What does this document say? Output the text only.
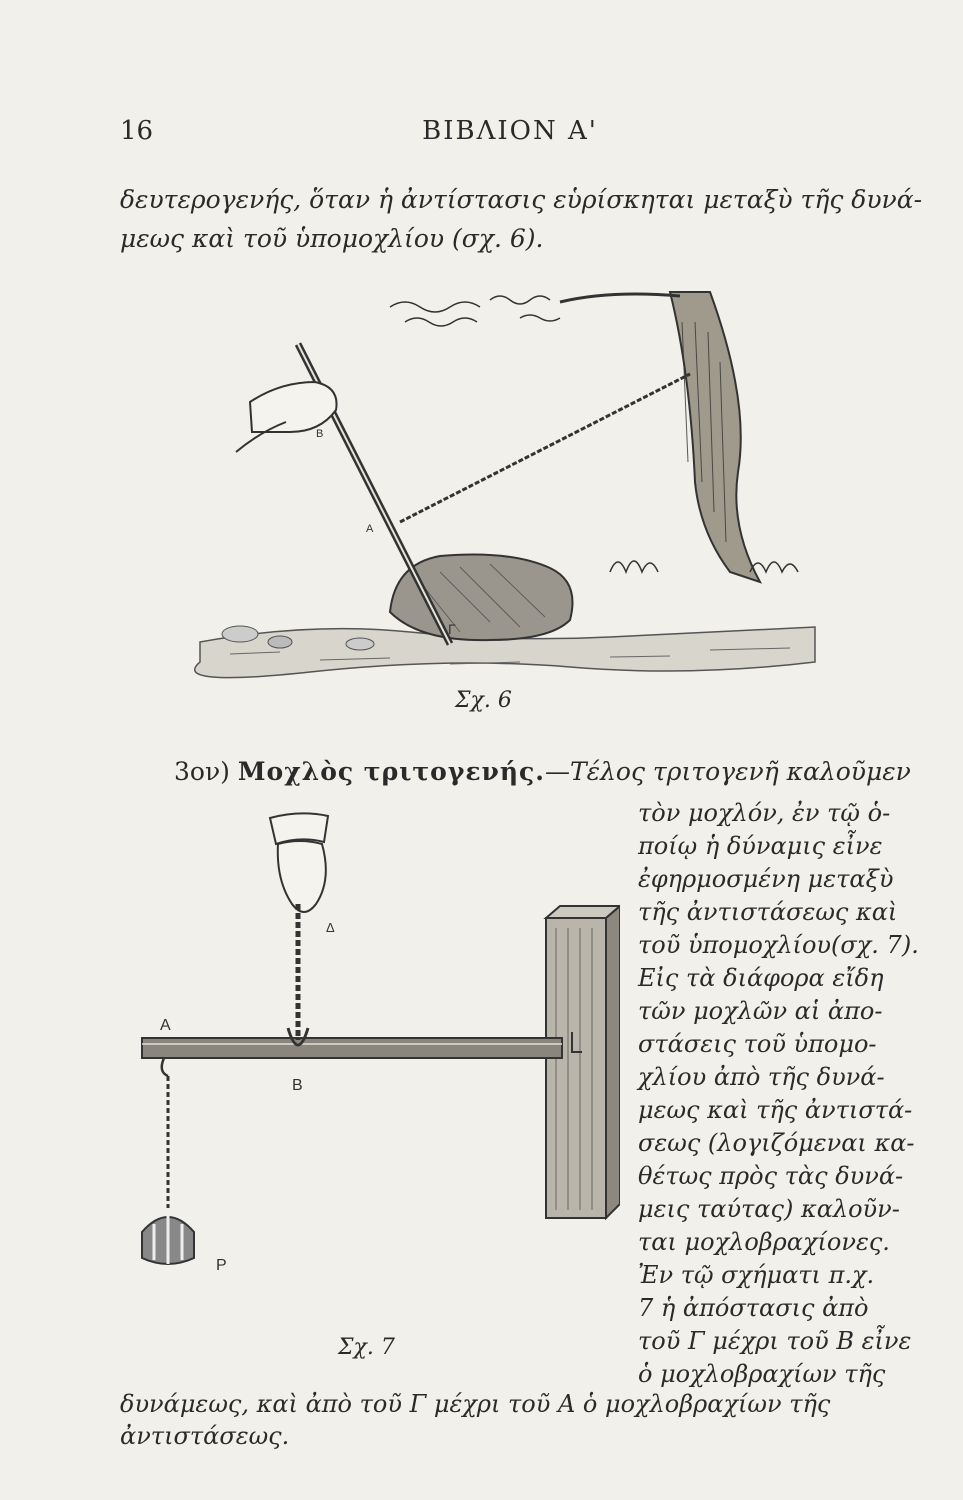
16	ΒΙΒΛΙΟΝ Α'
δευτερογενής, ὅταν ἡ ἀντίστασις εὑρίσκηται μεταξὺ τῆς δυνά-
μεως καὶ τοῦ ὑπομοχλίου (σχ. 6).
Β
Α
Γ
Σχ. 6
3ον) Μοχλὸς τριτογενής.—Τέλος τριτογενῆ καλοῦμεν
Δ
Α
Β
Ρ
Σχ. 7
τὸν μοχλόν, ἐν τῷ ὁ-
ποίῳ ἡ δύναμις εἶνε
ἐφηρμοσμένη μεταξὺ
τῆς ἀντιστάσεως καὶ
τοῦ ὑπομοχλίου(σχ. 7).
Εἰς τὰ διάφορα εἴδη
τῶν μοχλῶν αἱ ἀπο-
στάσεις τοῦ ὑπομο-
χλίου ἀπὸ τῆς δυνά-
μεως καὶ τῆς ἀντιστά-
σεως (λογιζόμεναι κα-
θέτως πρὸς τὰς δυνά-
μεις ταύτας) καλοῦν-
ται μοχλοβραχίονες.
Ἐν τῷ σχήματι π.χ.
7 ἡ ἀπόστασις ἀπὸ
τοῦ Γ μέχρι τοῦ Β εἶνε
ὁ μοχλοβραχίων τῆς
δυνάμεως, καὶ ἀπὸ τοῦ Γ μέχρι τοῦ Α ὁ μοχλοβραχίων τῆς
ἀντιστάσεως.
